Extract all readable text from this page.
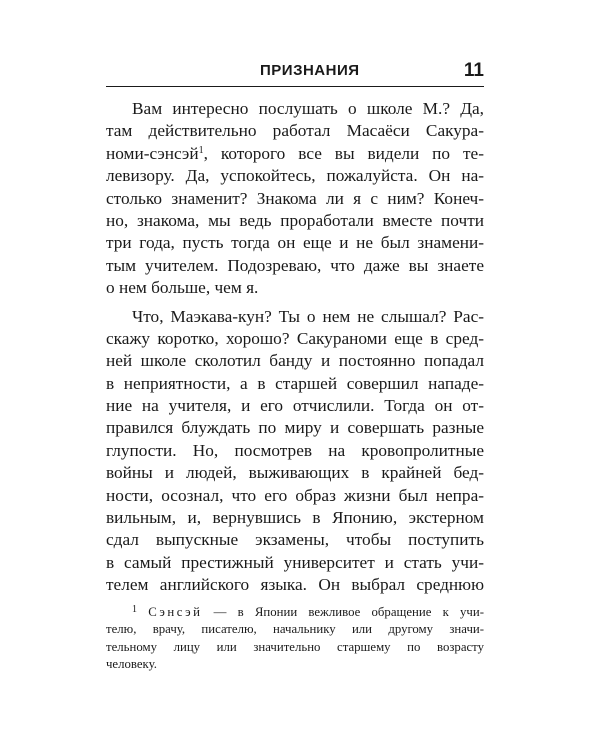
ПРИЗНАНИЯ	11
Вам интересно послушать о школе М.? Да,
там действительно работал Масаёси Сакура-
номи-сэнсэй$^1$, которого все вы видели по те-
левизору. Да, успокойтесь, пожалуйста. Он на-
столько знаменит? Знакома ли я с ним? Конеч-
но, знакома, мы ведь проработали вместе почти
три года, пусть тогда он еще и не был знамени-
тым учителем. Подозреваю, что даже вы знаете
о нем больше, чем я.
Что, Маэкава-кун? Ты о нем не слышал? Рас-
скажу коротко, хорошо? Сакураноми еще в сред-
ней школе сколотил банду и постоянно попадал
в неприятности, а в старшей совершил нападе-
ние на учителя, и его отчислили. Тогда он от-
правился блуждать по миру и совершать разные
глупости. Но, посмотрев на кровопролитные
войны и людей, выживающих в крайней бед-
ности, осознал, что его образ жизни был непра-
вильным, и, вернувшись в Японию, экстерном
сдал выпускные экзамены, чтобы поступить
в самый престижный университет и стать учи-
телем английского языка. Он выбрал среднюю
$^1$ Сэнсэй — в Японии вежливое обращение к учи-
телю, врачу, писателю, начальнику или другому значи-
тельному лицу или значительно старшему по возрасту
человеку.
